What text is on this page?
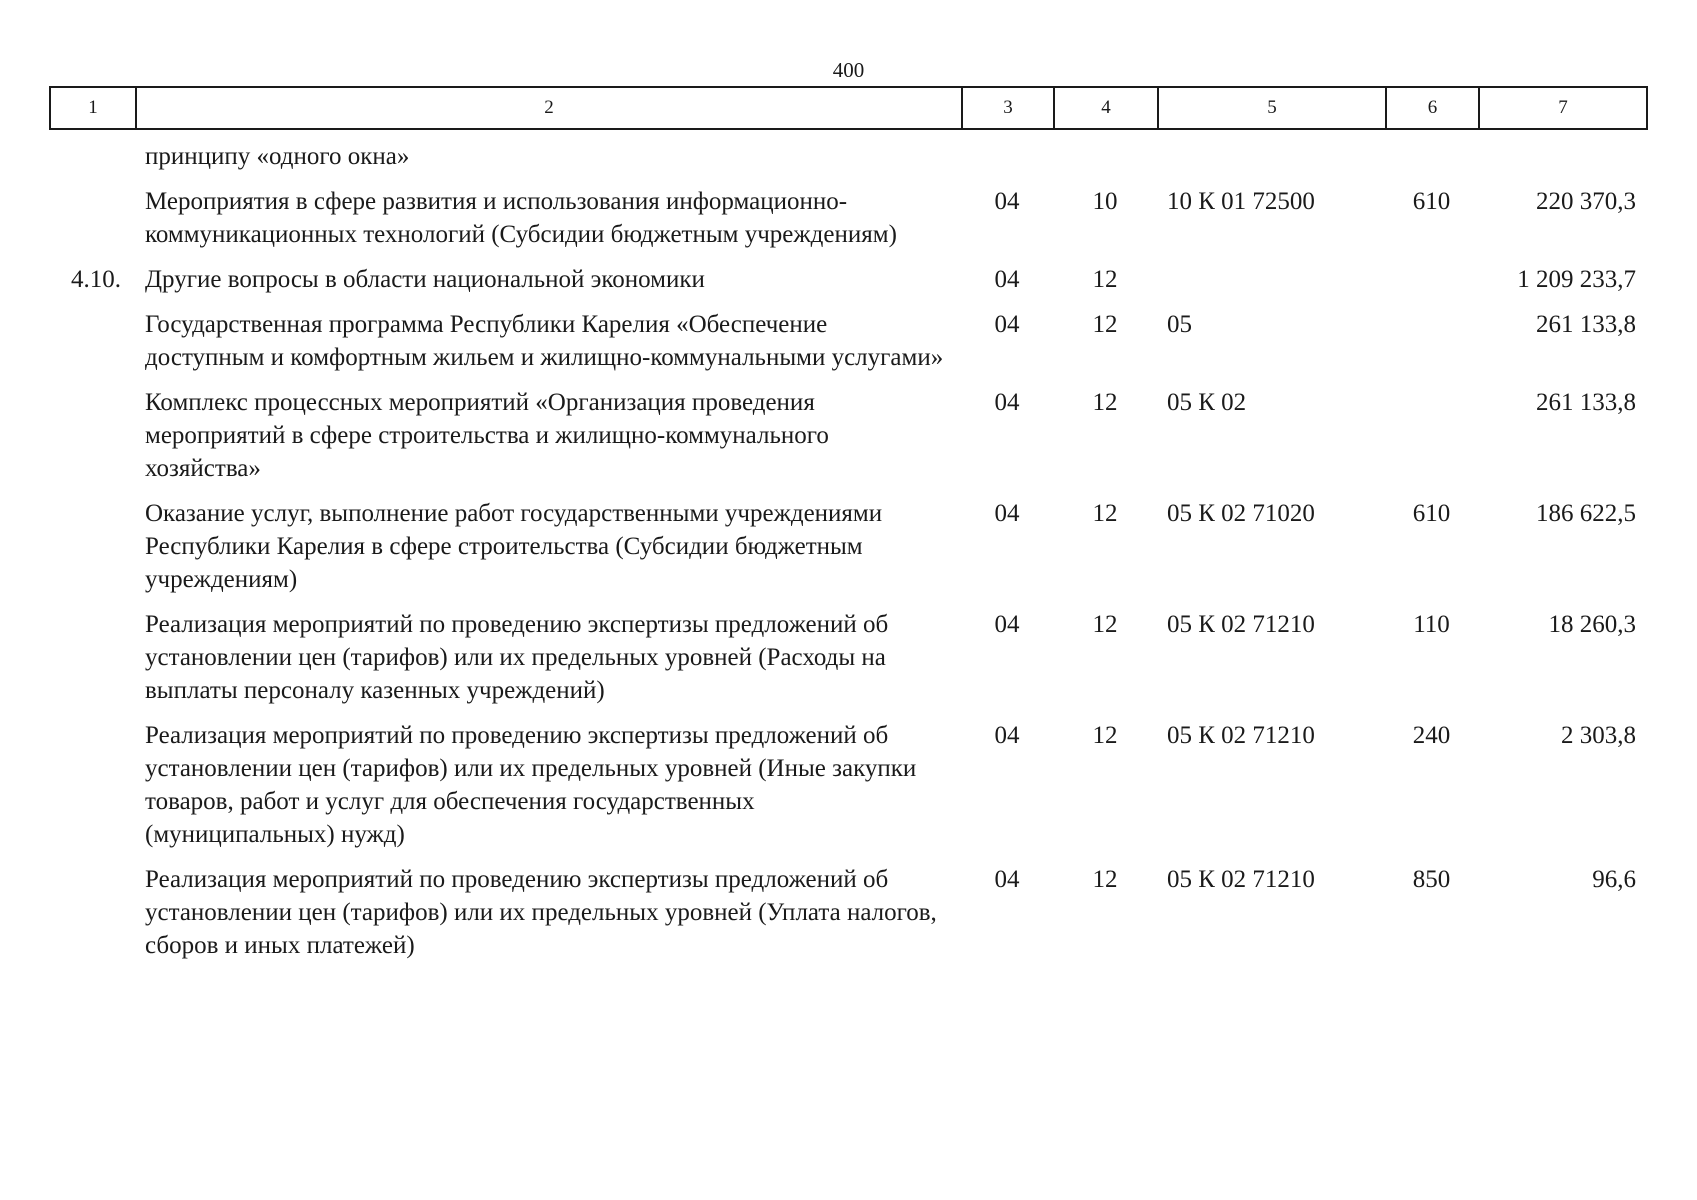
400
1	2	3	4	5	6	7
	принципу «одного окна»					
	Мероприятия в сфере развития и использования информационно-коммуникационных технологий (Субсидии бюджетным учреждениям)	04	10	10 К 01 72500	610	220 370,3
4.10.	Другие вопросы в области национальной экономики	04	12			1 209 233,7
	Государственная программа Республики Карелия «Обеспечение доступным и комфортным жильем и жилищно-коммунальными услугами»	04	12	05		261 133,8
	Комплекс процессных мероприятий «Организация проведения мероприятий в сфере строительства и жилищно-коммунального хозяйства»	04	12	05 К 02		261 133,8
	Оказание услуг, выполнение работ государственными учреждениями Республики Карелия в сфере строительства (Субсидии бюджетным учреждениям)	04	12	05 К 02 71020	610	186 622,5
	Реализация мероприятий по проведению экспертизы предложений об установлении цен (тарифов) или их предельных уровней (Расходы на выплаты персоналу казенных учреждений)	04	12	05 К 02 71210	110	18 260,3
	Реализация мероприятий по проведению экспертизы предложений об установлении цен (тарифов) или их предельных уровней (Иные закупки товаров, работ и услуг для обеспечения государственных (муниципальных) нужд)	04	12	05 К 02 71210	240	2 303,8
	Реализация мероприятий по проведению экспертизы предложений об установлении цен (тарифов) или их предельных уровней (Уплата налогов, сборов и иных платежей)	04	12	05 К 02 71210	850	96,6
